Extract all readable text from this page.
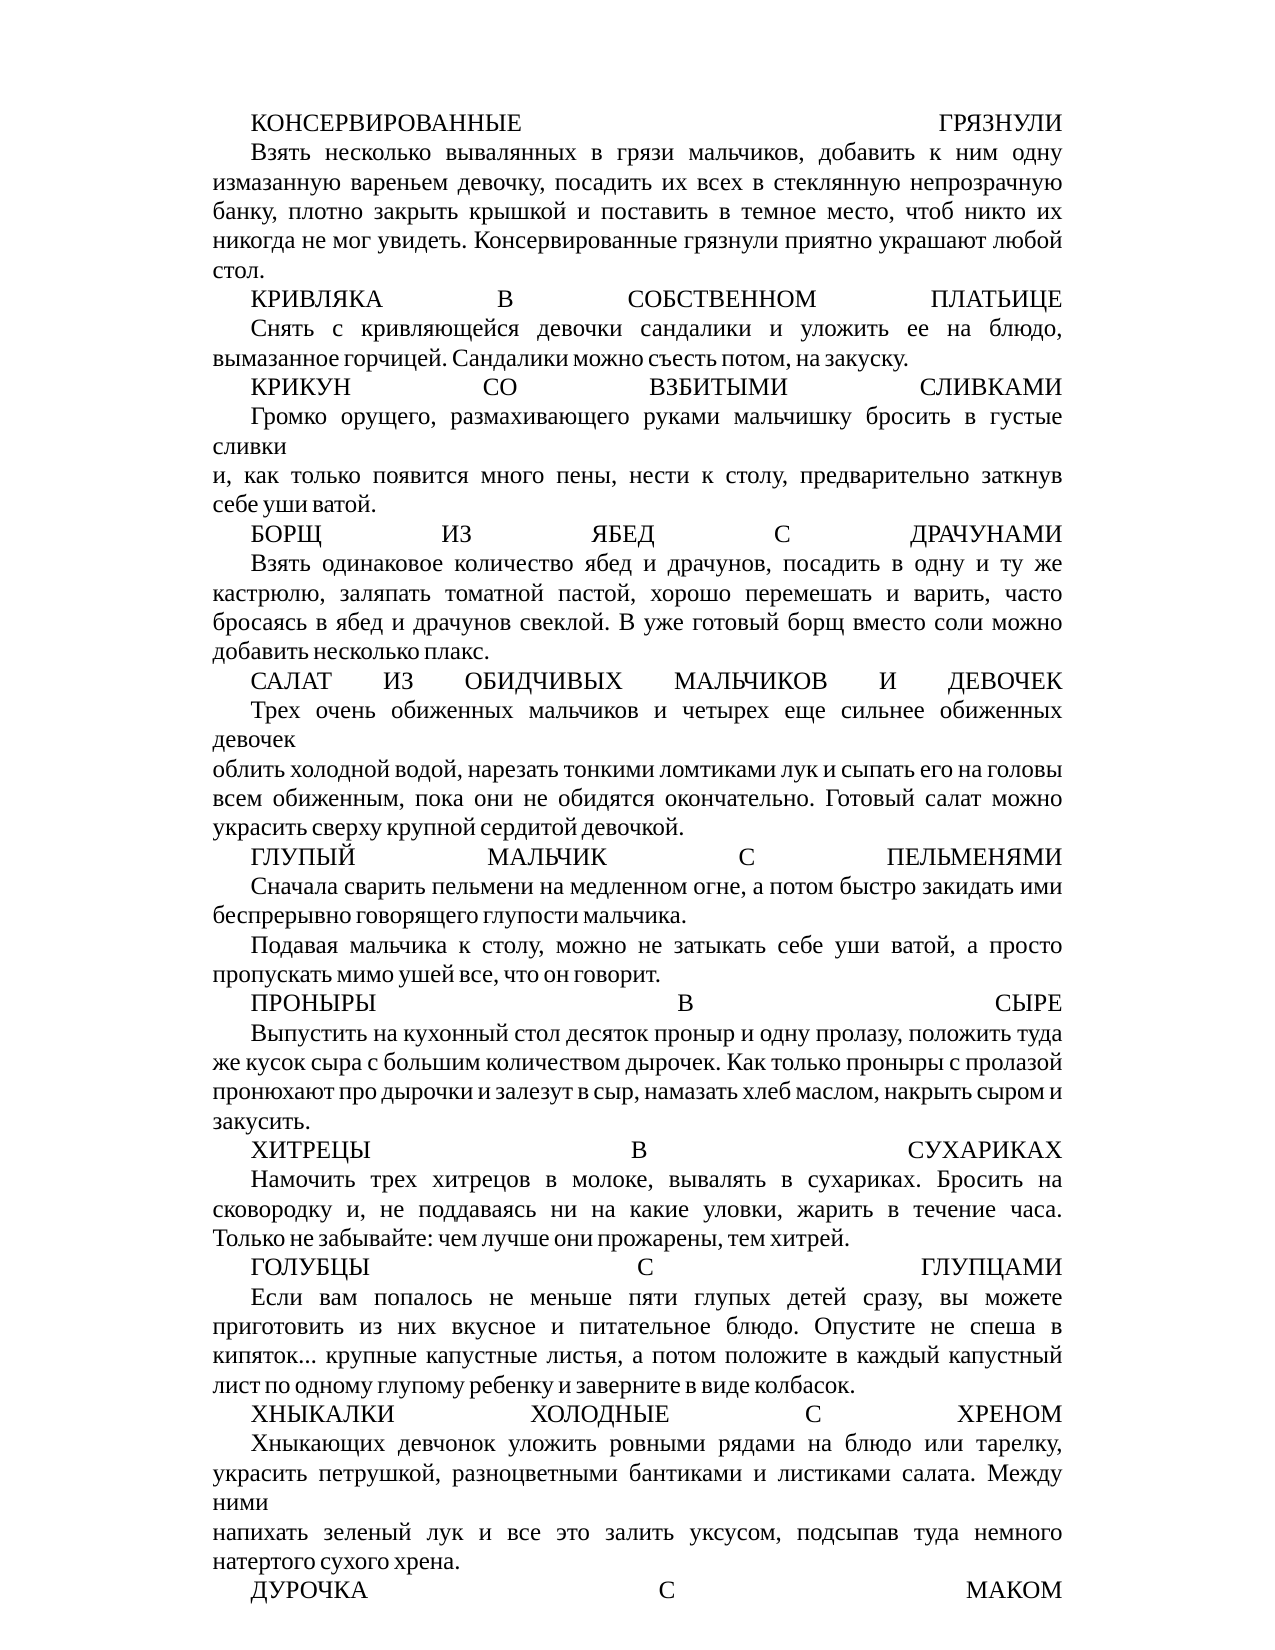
КОНСЕРВИРОВАННЫЕ ГРЯЗНУЛИ
Взять несколько вывалянных в грязи мальчиков, добавить к ним одну
измазанную вареньем девочку, посадить их всех в стеклянную непрозрачную
банку, плотно закрыть крышкой и поставить в темное место, чтоб никто их
никогда не мог увидеть. Консервированные грязнули приятно украшают любой
стол.
КРИВЛЯКА В СОБСТВЕННОМ ПЛАТЬИЦЕ
Снять с кривляющейся девочки сандалики и уложить ее на блюдо,
вымазанное горчицей. Сандалики можно съесть потом, на закуску.
КРИКУН СО ВЗБИТЫМИ СЛИВКАМИ
Громко орущего, размахивающего руками мальчишку бросить в густые сливки
и, как только появится много пены, нести к столу, предварительно заткнув
себе уши ватой.
БОРЩ ИЗ ЯБЕД С ДРАЧУНАМИ
Взять одинаковое количество ябед и драчунов, посадить в одну и ту же
кастрюлю, заляпать томатной пастой, хорошо перемешать и варить, часто
бросаясь в ябед и драчунов свеклой. В уже готовый борщ вместо соли можно
добавить несколько плакс.
САЛАТ ИЗ ОБИДЧИВЫХ МАЛЬЧИКОВ И ДЕВОЧЕК
Трех очень обиженных мальчиков и четырех еще сильнее обиженных девочек
облить холодной водой, нарезать тонкими ломтиками лук и сыпать его на головы
всем обиженным, пока они не обидятся окончательно. Готовый салат можно
украсить сверху крупной сердитой девочкой.
ГЛУПЫЙ МАЛЬЧИК С ПЕЛЬМЕНЯМИ
Сначала сварить пельмени на медленном огне, а потом быстро закидать ими
беспрерывно говорящего глупости мальчика.
Подавая мальчика к столу, можно не затыкать себе уши ватой, а просто
пропускать мимо ушей все, что он говорит.
ПРОНЫРЫ В СЫРЕ
Выпустить на кухонный стол десяток проныр и одну пролазу, положить туда
же кусок сыра с большим количеством дырочек. Как только проныры с пролазой
пронюхают про дырочки и залезут в сыр, намазать хлеб маслом, накрыть сыром и
закусить.
ХИТРЕЦЫ В СУХАРИКАХ
Намочить трех хитрецов в молоке, вывалять в сухариках. Бросить на
сковородку и, не поддаваясь ни на какие уловки, жарить в течение часа.
Только не забывайте: чем лучше они прожарены, тем хитрей.
ГОЛУБЦЫ С ГЛУПЦАМИ
Если вам попалось не меньше пяти глупых детей сразу, вы можете
приготовить из них вкусное и питательное блюдо. Опустите не спеша в
кипяток... крупные капустные листья, а потом положите в каждый капустный
лист по одному глупому ребенку и заверните в виде колбасок.
ХНЫКАЛКИ ХОЛОДНЫЕ С ХРЕНОМ
Хныкающих девчонок уложить ровными рядами на блюдо или тарелку,
украсить петрушкой, разноцветными бантиками и листиками салата. Между ними
напихать зеленый лук и все это залить уксусом, подсыпав туда немного
натертого сухого хрена.
ДУРОЧКА С МАКОМ
